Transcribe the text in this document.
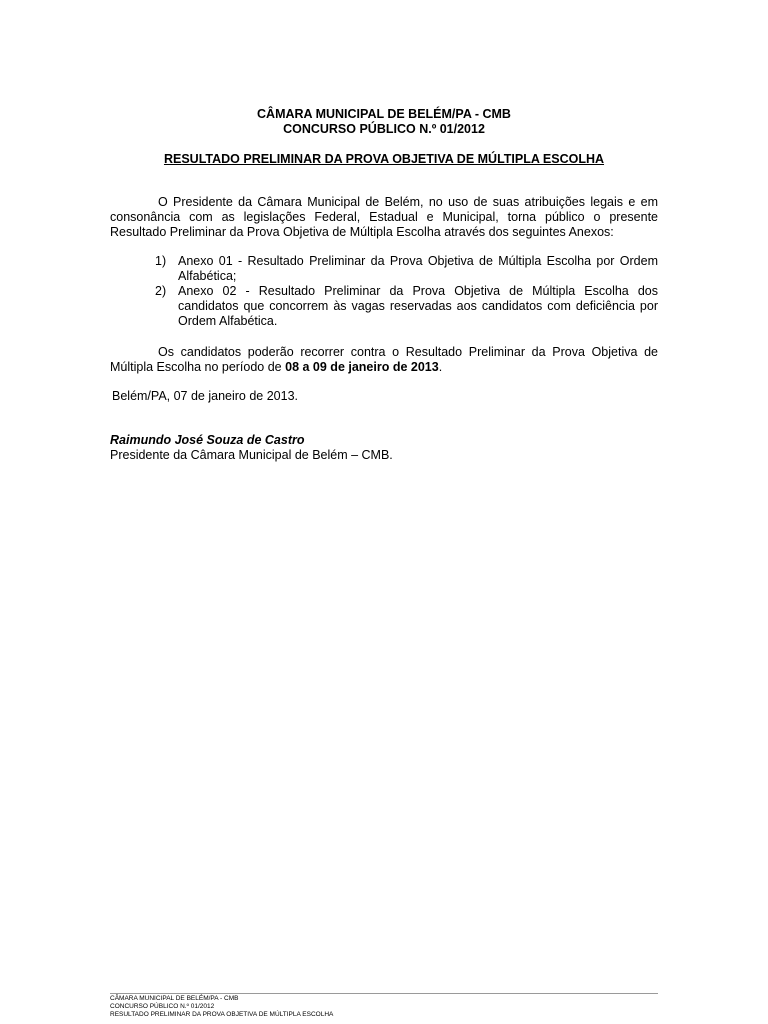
CÂMARA MUNICIPAL DE BELÉM/PA - CMB
CONCURSO PÚBLICO N.º 01/2012
RESULTADO PRELIMINAR DA PROVA OBJETIVA DE MÚLTIPLA ESCOLHA

O Presidente da Câmara Municipal de Belém, no uso de suas atribuições legais e em consonância com as legislações Federal, Estadual e Municipal, torna público o presente Resultado Preliminar da Prova Objetiva de Múltipla Escolha através dos seguintes Anexos:

1) Anexo 01 - Resultado Preliminar da Prova Objetiva de Múltipla Escolha por Ordem Alfabética;
2) Anexo 02 - Resultado Preliminar da Prova Objetiva de Múltipla Escolha dos candidatos que concorrem às vagas reservadas aos candidatos com deficiência por Ordem Alfabética.

Os candidatos poderão recorrer contra o Resultado Preliminar da Prova Objetiva de Múltipla Escolha no período de 08 a 09 de janeiro de 2013.

Belém/PA, 07 de janeiro de 2013.

Raimundo José Souza de Castro
Presidente da Câmara Municipal de Belém – CMB.
CÂMARA MUNICIPAL DE BELÉM/PA - CMB
CONCURSO PÚBLICO N.º 01/2012
RESULTADO PRELIMINAR DA PROVA OBJETIVA DE MÚLTIPLA ESCOLHA
